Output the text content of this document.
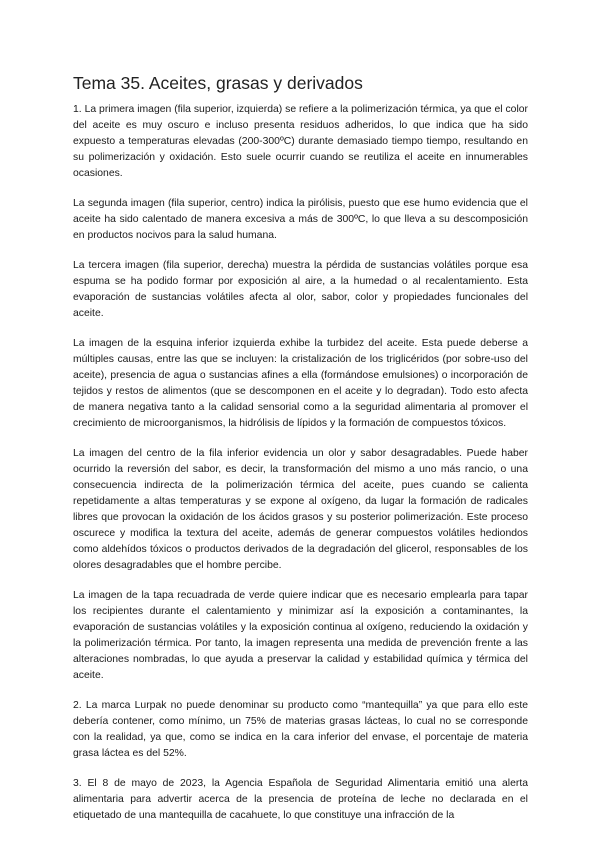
Tema 35. Aceites, grasas y derivados

1. La primera imagen (fila superior, izquierda) se refiere a la polimerización térmica, ya que el color del aceite es muy oscuro e incluso presenta residuos adheridos, lo que indica que ha sido expuesto a temperaturas elevadas (200-300ºC) durante demasiado tiempo tiempo, resultando en su polimerización y oxidación. Esto suele ocurrir cuando se reutiliza el aceite en innumerables ocasiones.

La segunda imagen (fila superior, centro) indica la pirólisis, puesto que ese humo evidencia que el aceite ha sido calentado de manera excesiva a más de 300ºC, lo que lleva a su descomposición en productos nocivos para la salud humana.

La tercera imagen (fila superior, derecha) muestra la pérdida de sustancias volátiles porque esa espuma se ha podido formar por exposición al aire, a la humedad o al recalentamiento. Esta evaporación de sustancias volátiles afecta al olor, sabor, color y propiedades funcionales del aceite.

La imagen de la esquina inferior izquierda exhibe la turbidez del aceite. Esta puede deberse a múltiples causas, entre las que se incluyen: la cristalización de los triglicéridos (por sobre-uso del aceite), presencia de agua o sustancias afines a ella (formándose emulsiones) o incorporación de tejidos y restos de alimentos (que se descomponen en el aceite y lo degradan). Todo esto afecta de manera negativa tanto a la calidad sensorial como a la seguridad alimentaria al promover el crecimiento de microorganismos, la hidrólisis de lípidos y la formación de compuestos tóxicos.

La imagen del centro de la fila inferior evidencia un olor y sabor desagradables. Puede haber ocurrido la reversión del sabor, es decir, la transformación del mismo a uno más rancio, o una consecuencia indirecta de la polimerización térmica del aceite, pues cuando se calienta repetidamente a altas temperaturas y se expone al oxígeno, da lugar la formación de radicales libres que provocan la oxidación de los ácidos grasos y su posterior polimerización. Este proceso oscurece y modifica la textura del aceite, además de generar compuestos volátiles hediondos como aldehídos tóxicos o productos derivados de la degradación del glicerol, responsables de los olores desagradables que el hombre percibe.

La imagen de la tapa recuadrada de verde quiere indicar que es necesario emplearla para tapar los recipientes durante el calentamiento y minimizar así la exposición a contaminantes, la evaporación de sustancias volátiles y la exposición continua al oxígeno, reduciendo la oxidación y la polimerización térmica. Por tanto, la imagen representa una medida de prevención frente a las alteraciones nombradas, lo que ayuda a preservar la calidad y estabilidad química y térmica del aceite.

2. La marca Lurpak no puede denominar su producto como “mantequilla” ya que para ello este debería contener, como mínimo, un 75% de materias grasas lácteas, lo cual no se corresponde con la realidad, ya que, como se indica en la cara inferior del envase, el porcentaje de materia grasa láctea es del 52%.

3. El 8 de mayo de 2023, la Agencia Española de Seguridad Alimentaria emitió una alerta alimentaria para advertir acerca de la presencia de proteína de leche no declarada en el etiquetado de una mantequilla de cacahuete, lo que constituye una infracción de la
